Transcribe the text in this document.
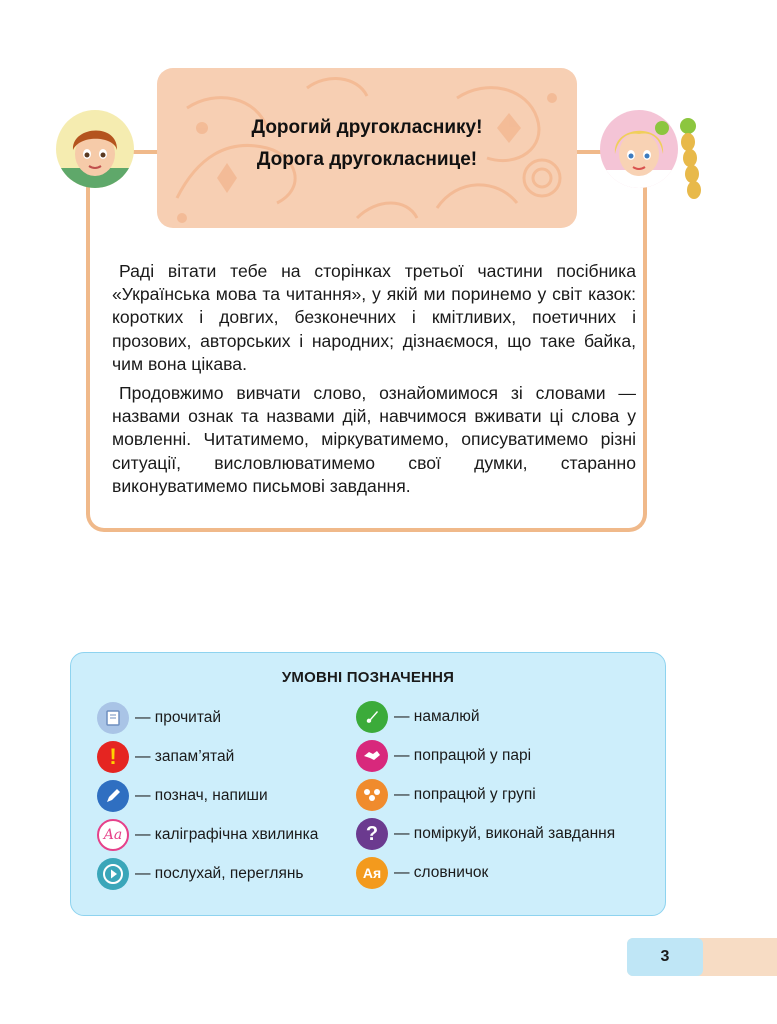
Дорогий другокласнику!
Дорога другокласнице!

Раді вітати тебе на сторінках третьої частини посібника «Українська мова та читання», у якій ми поринемо у світ казок: коротких і довгих, безконечних і кмітливих, поетичних і прозових, авторських і народних; дізнаємося, що таке байка, чим вона цікава.

Продовжимо вивчати слово, ознайомимося зі словами — назвами ознак та назвами дій, навчимося вживати ці слова у мовленні. Читатимемо, міркуватимемо, описуватимемо різні ситуації, висловлюватимемо свої думки, старанно виконуватимемо письмові завдання.

УМОВНІ ПОЗНАЧЕННЯ
— прочитай
!	— запам’ятай
— познач, напиши
Aa — каліграфічна хвилинка
— послухай, переглянь
— намалюй
— попрацюй у парі
— попрацюй у групі
?	— поміркуй, виконай завдання
Ая — словничок
3
